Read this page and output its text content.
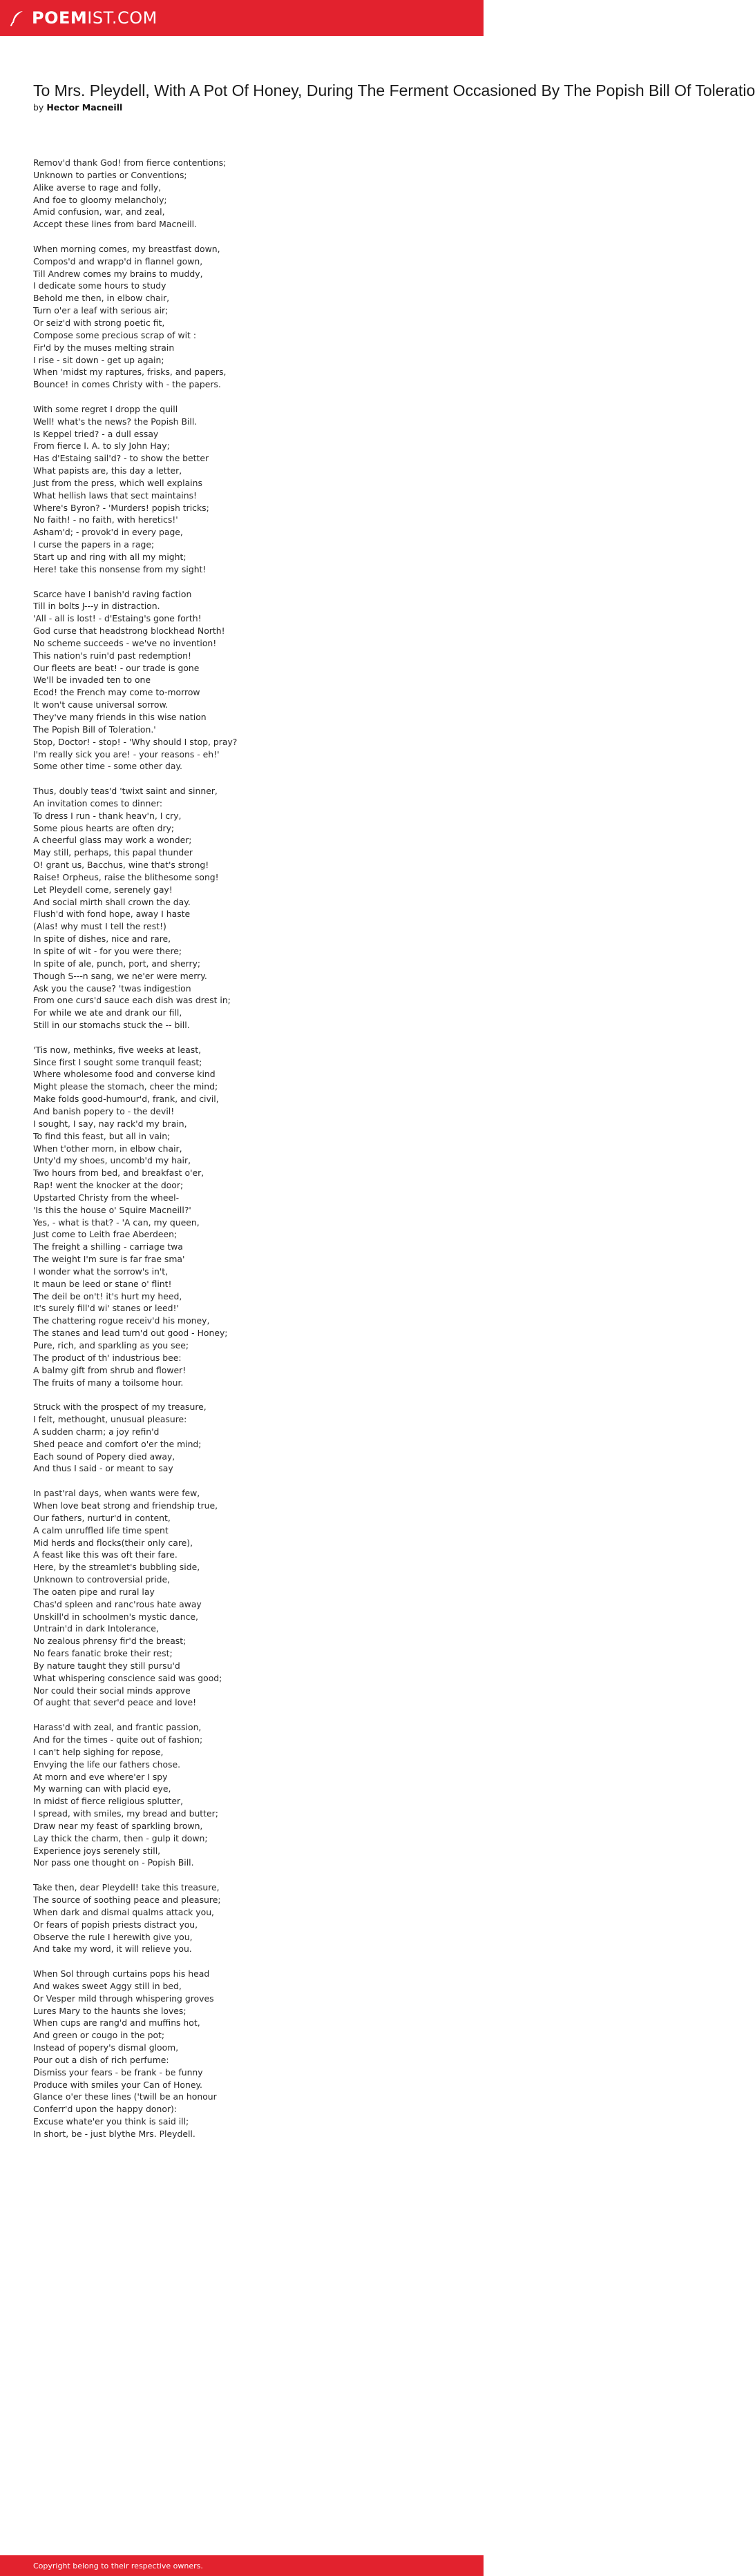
POEMIST.COM
To Mrs. Pleydell, With A Pot Of Honey, During The Ferment Occasioned By The Popish Bill Of Toleratio
by Hector Macneill
Remov'd thank God! from fierce contentions;
Unknown to parties or Conventions;
Alike averse to rage and folly,
And foe to gloomy melancholy;
Amid confusion, war, and zeal,
Accept these lines from bard Macneill.
When morning comes, my breastfast down,
Compos'd and wrapp'd in flannel gown,
Till Andrew comes my brains to muddy,
I dedicate some hours to study
Behold me then, in elbow chair,
Turn o'er a leaf with serious air;
Or seiz'd with strong poetic fit,
Compose some precious scrap of wit :
Fir'd by the muses melting strain
I rise - sit down - get up again;
When 'midst my raptures, frisks, and papers,
Bounce! in comes Christy with - the papers.
With some regret I dropp the quill
Well! what's the news? the Popish Bill.
Is Keppel tried? - a dull essay
From fierce I. A. to sly John Hay;
Has d'Estaing sail'd? - to show the better
What papists are, this day a letter,
Just from the press, which well explains
What hellish laws that sect maintains!
Where's Byron? - 'Murders! popish tricks;
No faith! - no faith, with heretics!'
Asham'd; - provok'd in every page,
I curse the papers in a rage;
Start up and ring with all my might;
Here! take this nonsense from my sight!
Scarce have I banish'd raving faction
Till in bolts J---y in distraction.
'All - all is lost! - d'Estaing's gone forth!
God curse that headstrong blockhead North!
No scheme succeeds - we've no invention!
This nation's ruin'd past redemption!
Our fleets are beat! - our trade is gone
We'll be invaded ten to one
Ecod! the French may come to-morrow
It won't cause universal sorrow.
They've many friends in this wise nation
The Popish Bill of Toleration.'
Stop, Doctor! - stop! - 'Why should I stop, pray?
I'm really sick you are! - your reasons - eh!'
Some other time - some other day.
Thus, doubly teas'd 'twixt saint and sinner,
An invitation comes to dinner:
To dress I run - thank heav'n, I cry,
Some pious hearts are often dry;
A cheerful glass may work a wonder;
May still, perhaps, this papal thunder
O! grant us, Bacchus, wine that's strong!
Raise! Orpheus, raise the blithesome song!
Let Pleydell come, serenely gay!
And social mirth shall crown the day.
Flush'd with fond hope, away I haste
(Alas! why must I tell the rest!)
In spite of dishes, nice and rare,
In spite of wit - for you were there;
In spite of ale, punch, port, and sherry;
Though S---n sang, we ne'er were merry.
Ask you the cause? 'twas indigestion
From one curs'd sauce each dish was drest in;
For while we ate and drank our fill,
Still in our stomachs stuck the -- bill.
'Tis now, methinks, five weeks at least,
Since first I sought some tranquil feast;
Where wholesome food and converse kind
Might please the stomach, cheer the mind;
Make folds good-humour'd, frank, and civil,
And banish popery to - the devil!
I sought, I say, nay rack'd my brain,
To find this feast, but all in vain;
When t'other morn, in elbow chair,
Unty'd my shoes, uncomb'd my hair,
Two hours from bed, and breakfast o'er,
Rap! went the knocker at the door;
Upstarted Christy from the wheel-
'Is this the house o' Squire Macneill?'
Yes, - what is that? - 'A can, my queen,
Just come to Leith frae Aberdeen;
The freight a shilling - carriage twa
The weight I'm sure is far frae sma'
I wonder what the sorrow's in't,
It maun be leed or stane o' flint!
The deil be on't! it's hurt my heed,
It's surely fill'd wi' stanes or leed!'
The chattering rogue receiv'd his money,
The stanes and lead turn'd out good - Honey;
Pure, rich, and sparkling as you see;
The product of th' industrious bee:
A balmy gift from shrub and flower!
The fruits of many a toilsome hour.
Struck with the prospect of my treasure,
I felt, methought, unusual pleasure:
A sudden charm; a joy refin'd
Shed peace and comfort o'er the mind;
Each sound of Popery died away,
And thus I said - or meant to say
In past'ral days, when wants were few,
When love beat strong and friendship true,
Our fathers, nurtur'd in content,
A calm unruffled life time spent
Mid herds and flocks(their only care),
A feast like this was oft their fare.
Here, by the streamlet's bubbling side,
Unknown to controversial pride,
The oaten pipe and rural lay
Chas'd spleen and ranc'rous hate away
Unskill'd in schoolmen's mystic dance,
Untrain'd in dark Intolerance,
No zealous phrensy fir'd the breast;
No fears fanatic broke their rest;
By nature taught they still pursu'd
What whispering conscience said was good;
Nor could their social minds approve
Of aught that sever'd peace and love!
Harass'd with zeal, and frantic passion,
And for the times - quite out of fashion;
I can't help sighing for repose,
Envying the life our fathers chose.
At morn and eve where'er I spy
My warning can with placid eye,
In midst of fierce religious splutter,
I spread, with smiles, my bread and butter;
Draw near my feast of sparkling brown,
Lay thick the charm, then - gulp it down;
Experience joys serenely still,
Nor pass one thought on - Popish Bill.
Take then, dear Pleydell! take this treasure,
The source of soothing peace and pleasure;
When dark and dismal qualms attack you,
Or fears of popish priests distract you,
Observe the rule I herewith give you,
And take my word, it will relieve you.
When Sol through curtains pops his head
And wakes sweet Aggy still in bed,
Or Vesper mild through whispering groves
Lures Mary to the haunts she loves;
When cups are rang'd and muffins hot,
And green or cougo in the pot;
Instead of popery's dismal gloom,
Pour out a dish of rich perfume:
Dismiss your fears - be frank - be funny
Produce with smiles your Can of Honey.
Glance o'er these lines ('twill be an honour
Conferr'd upon the happy donor):
Excuse whate'er you think is said ill;
In short, be - just blythe Mrs. Pleydell.
Copyright belong to their respective owners.
